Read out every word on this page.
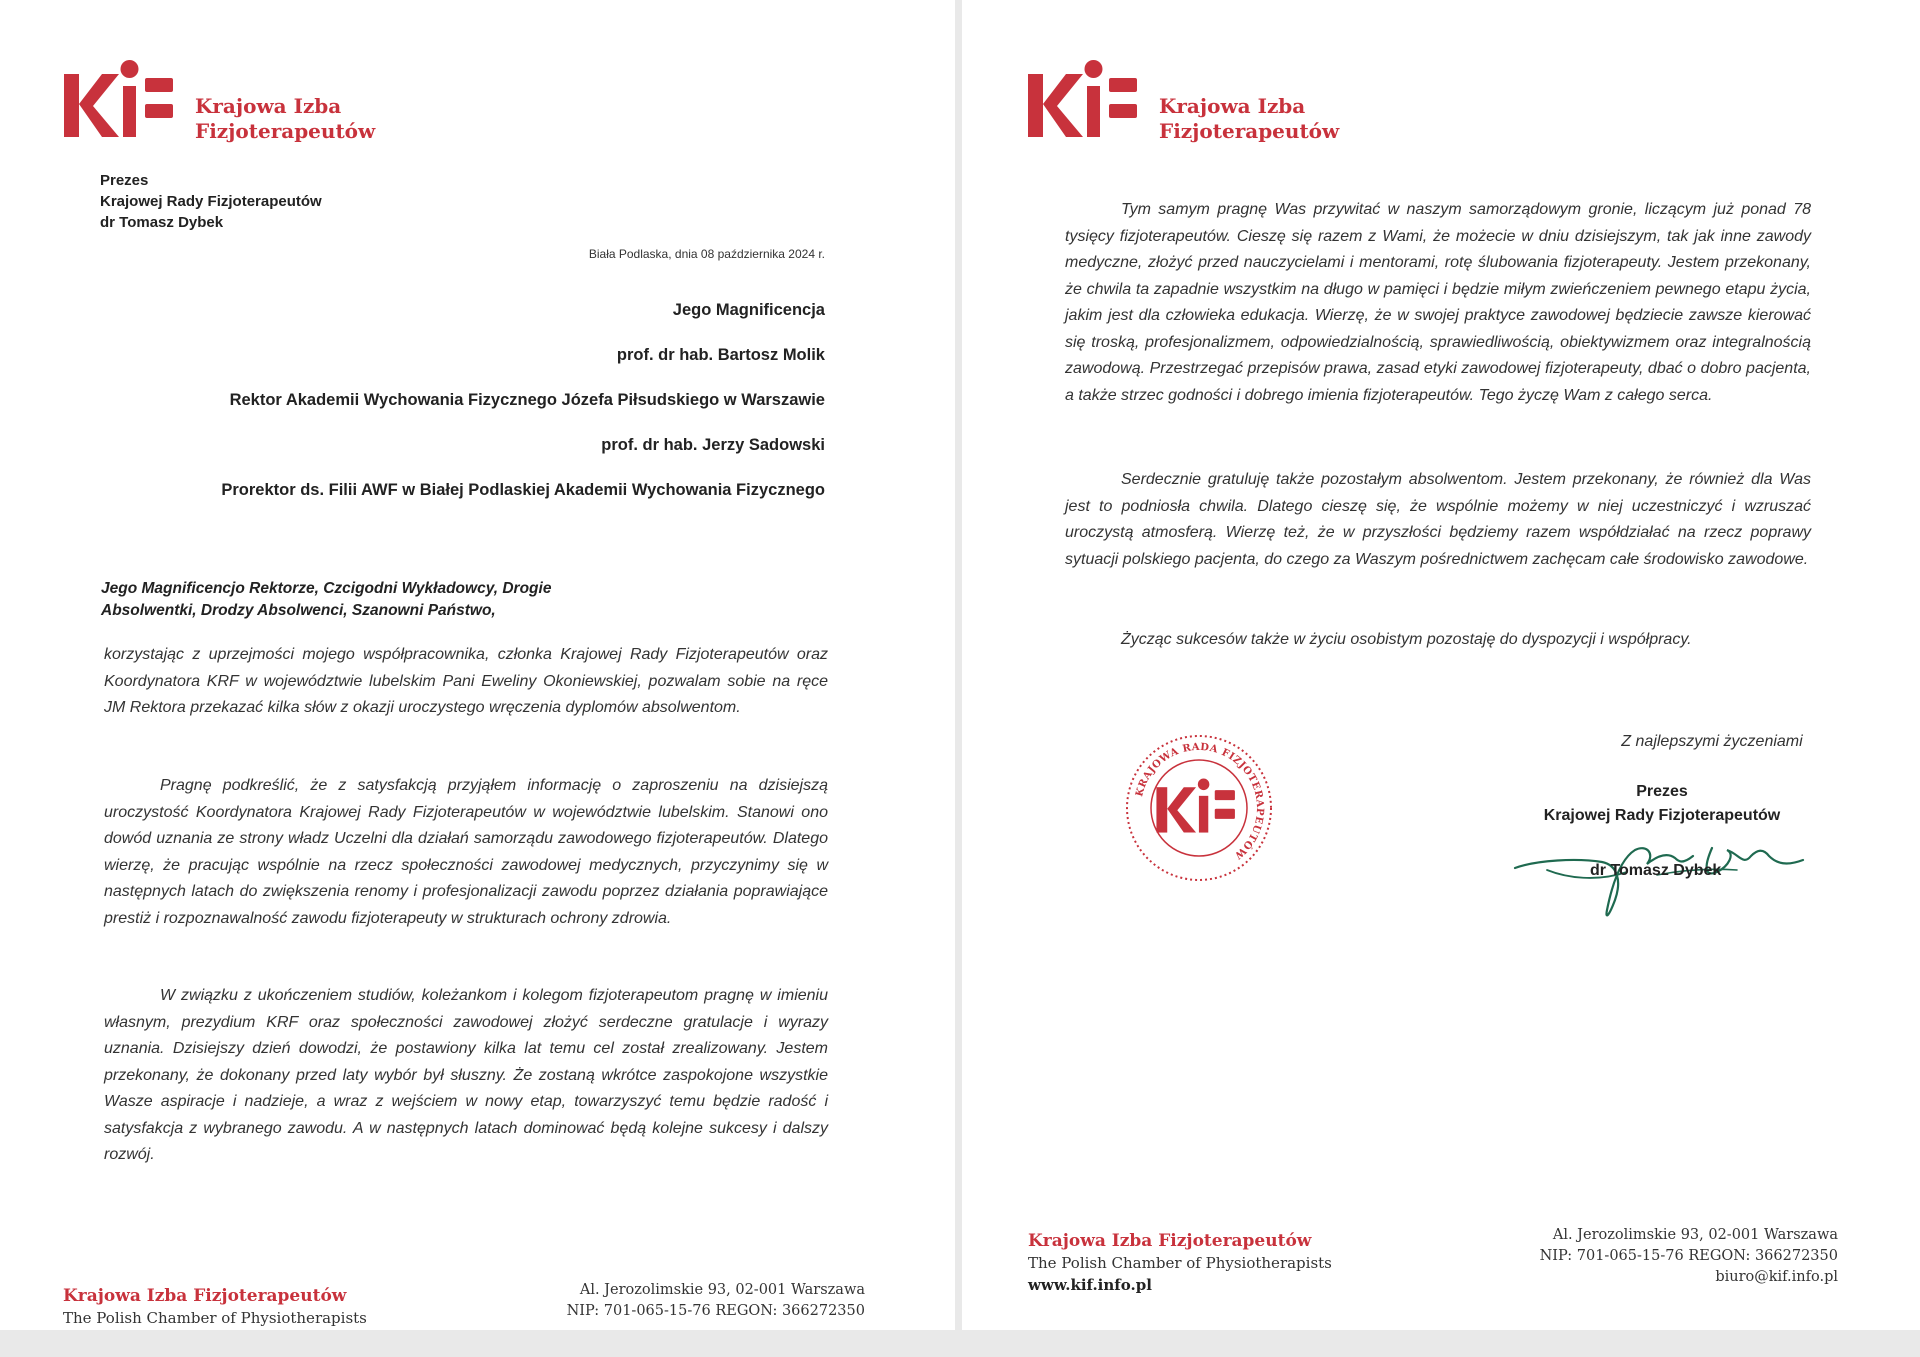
Krajowa Izba
Fizjoterapeutów
Prezes
Krajowej Rady Fizjoterapeutów
dr Tomasz Dybek
Biała Podlaska, dnia 08 października 2024 r.
Jego Magnificencja
prof. dr hab. Bartosz Molik
Rektor Akademii Wychowania Fizycznego Józefa Piłsudskiego w Warszawie
prof. dr hab. Jerzy Sadowski
Prorektor ds. Filii AWF w Białej Podlaskiej Akademii Wychowania Fizycznego
Jego Magnificencjo Rektorze, Czcigodni Wykładowcy, Drogie Absolwentki, Drodzy Absolwenci, Szanowni Państwo,
korzystając z uprzejmości mojego współpracownika, członka Krajowej Rady Fizjoterapeutów oraz Koordynatora KRF w województwie lubelskim Pani Eweliny Okoniewskiej, pozwalam sobie na ręce JM Rektora przekazać kilka słów z okazji uroczystego wręczenia dyplomów absolwentom.
Pragnę podkreślić, że z satysfakcją przyjąłem informację o zaproszeniu na dzisiejszą uroczystość Koordynatora Krajowej Rady Fizjoterapeutów w województwie lubelskim. Stanowi ono dowód uznania ze strony władz Uczelni dla działań samorządu zawodowego fizjoterapeutów. Dlatego wierzę, że pracując wspólnie na rzecz społeczności zawodowej medycznych, przyczynimy się w następnych latach do zwiększenia renomy i profesjonalizacji zawodu poprzez działania poprawiające prestiż i rozpoznawalność zawodu fizjoterapeuty w strukturach ochrony zdrowia.
W związku z ukończeniem studiów, koleżankom i kolegom fizjoterapeutom pragnę w imieniu własnym, prezydium KRF oraz społeczności zawodowej złożyć serdeczne gratulacje i wyrazy uznania. Dzisiejszy dzień dowodzi, że postawiony kilka lat temu cel został zrealizowany. Jestem przekonany, że dokonany przed laty wybór był słuszny. Że zostaną wkrótce zaspokojone wszystkie Wasze aspiracje i nadzieje, a wraz z wejściem w nowy etap, towarzyszyć temu będzie radość i satysfakcja z wybranego zawodu. A w następnych latach dominować będą kolejne sukcesy i dalszy rozwój.
Krajowa Izba Fizjoterapeutów
The Polish Chamber of Physiotherapists
Al. Jerozolimskie 93, 02-001 Warszawa
NIP: 701-065-15-76 REGON: 366272350
Krajowa Izba
Fizjoterapeutów
Tym samym pragnę Was przywitać w naszym samorządowym gronie, liczącym już ponad 78 tysięcy fizjoterapeutów. Cieszę się razem z Wami, że możecie w dniu dzisiejszym, tak jak inne zawody medyczne, złożyć przed nauczycielami i mentorami, rotę ślubowania fizjoterapeuty. Jestem przekonany, że chwila ta zapadnie wszystkim na długo w pamięci i będzie miłym zwieńczeniem pewnego etapu życia, jakim jest dla człowieka edukacja. Wierzę, że w swojej praktyce zawodowej będziecie zawsze kierować się troską, profesjonalizmem, odpowiedzialnością, sprawiedliwością, obiektywizmem oraz integralnością zawodową. Przestrzegać przepisów prawa, zasad etyki zawodowej fizjoterapeuty, dbać o dobro pacjenta, a także strzec godności i dobrego imienia fizjoterapeutów. Tego życzę Wam z całego serca.
Serdecznie gratuluję także pozostałym absolwentom. Jestem przekonany, że również dla Was jest to podniosła chwila. Dlatego cieszę się, że wspólnie możemy w niej uczestniczyć i wzruszać uroczystą atmosferą. Wierzę też, że w przyszłości będziemy razem współdziałać na rzecz poprawy sytuacji polskiego pacjenta, do czego za Waszym pośrednictwem zachęcam całe środowisko zawodowe.
Życząc sukcesów także w życiu osobistym pozostaję do dyspozycji i współpracy.
KRAJOWA RADA FIZJOTERAPEUTÓW
Z najlepszymi życzeniami
Prezes
Krajowej Rady Fizjoterapeutów
dr Tomasz Dybek
Krajowa Izba Fizjoterapeutów
The Polish Chamber of Physiotherapists
www.kif.info.pl
Al. Jerozolimskie 93, 02-001 Warszawa
NIP: 701-065-15-76 REGON: 366272350
biuro@kif.info.pl
